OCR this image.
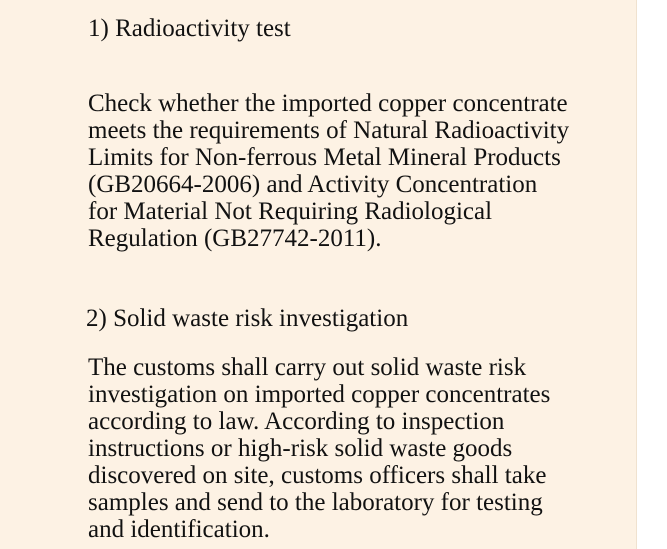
1) Radioactivity test
Check whether the imported copper concentrate
meets the requirements of Natural Radioactivity
Limits for Non-ferrous Metal Mineral Products
(GB20664-2006) and Activity Concentration
for Material Not Requiring Radiological
Regulation (GB27742-2011).
2) Solid waste risk investigation
The customs shall carry out solid waste risk
investigation on imported copper concentrates
according to law. According to inspection
instructions or high-risk solid waste goods
discovered on site, customs officers shall take
samples and send to the laboratory for testing
and identification.
